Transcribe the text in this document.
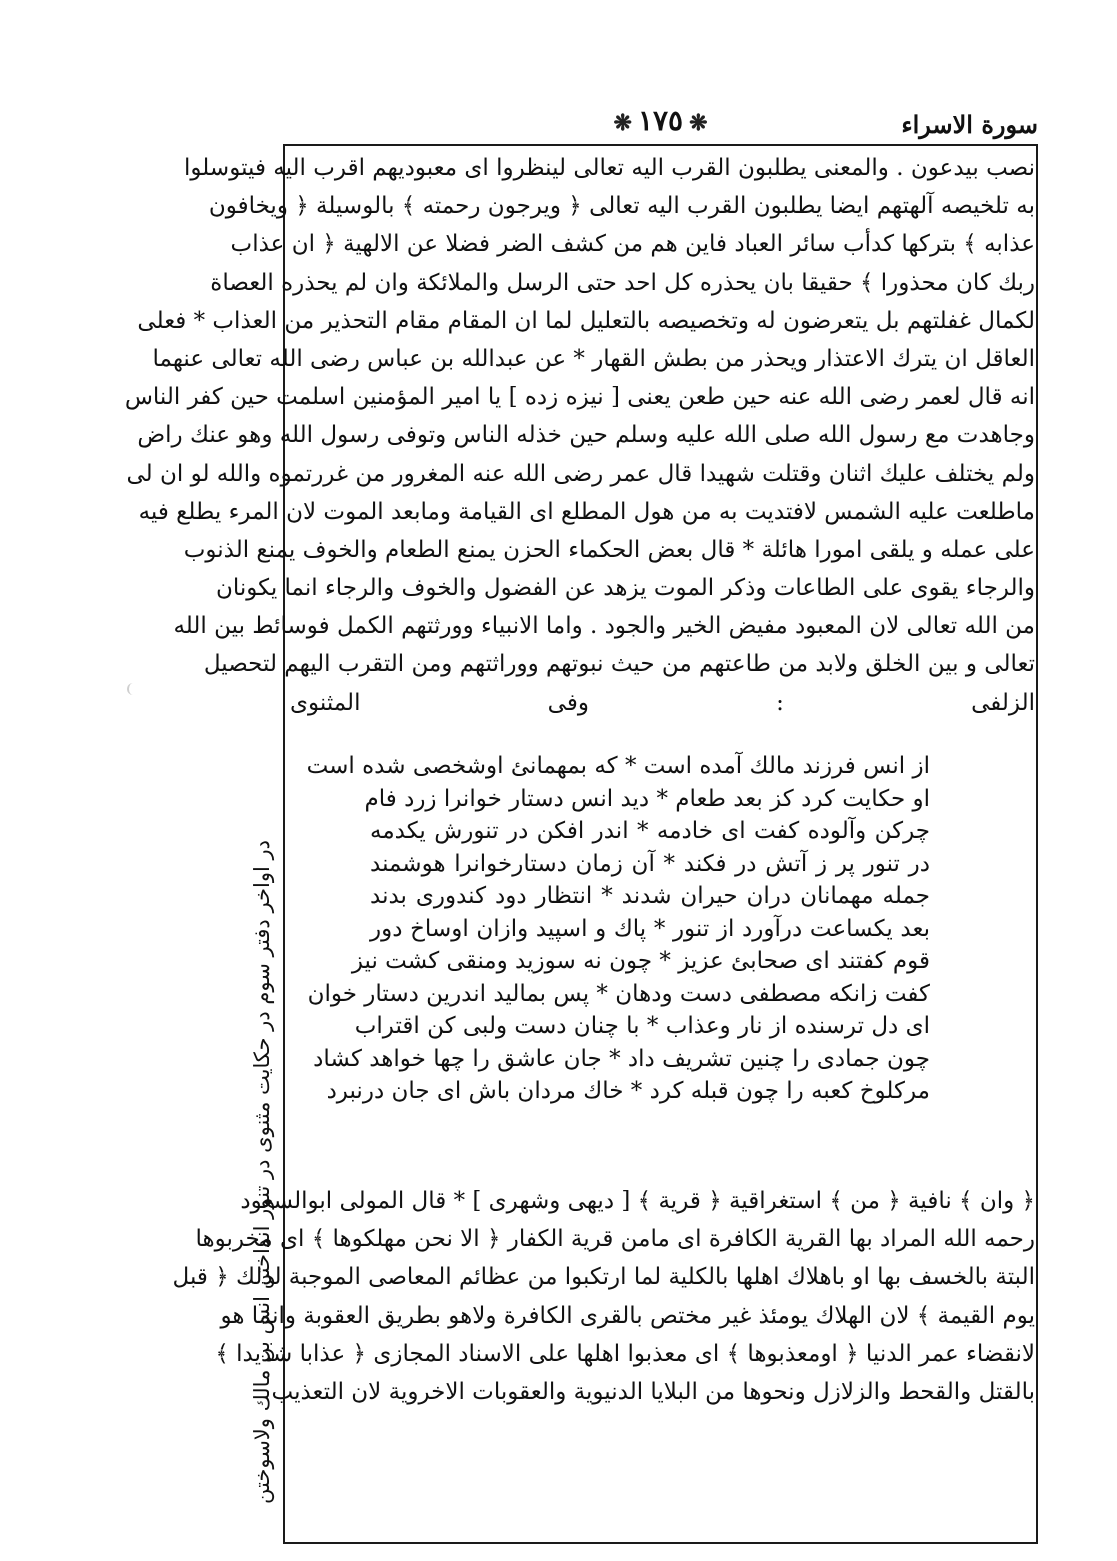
سورة الاسراء
❋١٧٥❋
نصب بيدعون . والمعنى يطلبون القرب اليه تعالى لينظروا اى معبوديهم اقرب اليه فيتوسلوا
به تلخيصه آلهتهم ايضا يطلبون القرب اليه تعالى ﴿ ويرجون رحمته ﴾ بالوسيلة ﴿ ويخافون
عذابه ﴾ بتركها كدأب سائر العباد فاين هم من كشف الضر فضلا عن الالهية ﴿ ان عذاب
ربك كان محذورا ﴾ حقيقا بان يحذره كل احد حتى الرسل والملائكة وان لم يحذره العصاة
لكمال غفلتهم بل يتعرضون له وتخصيصه بالتعليل لما ان المقام مقام التحذير من العذاب * فعلى
العاقل ان يترك الاعتذار ويحذر من بطش القهار * عن عبدالله بن عباس رضى الله تعالى عنهما
انه قال لعمر رضى الله عنه حين طعن يعنى [ نيزه زده ] يا امير المؤمنين اسلمت حين كفر الناس
وجاهدت مع رسول الله صلى الله عليه وسلم حين خذله الناس وتوفى رسول الله وهو عنك راض
ولم يختلف عليك اثنان وقتلت شهيدا قال عمر رضى الله عنه المغرور من غررتموه والله لو ان لى
ماطلعت عليه الشمس لافتديت به من هول المطلع اى القيامة ومابعد الموت لان المرء يطلع فيه
على عمله و يلقى امورا هائلة * قال بعض الحكماء الحزن يمنع الطعام والخوف يمنع الذنوب
والرجاء يقوى على الطاعات وذكر الموت يزهد عن الفضول والخوف والرجاء انما يكونان
من الله تعالى لان المعبود مفيض الخير والجود . واما الانبياء وورثتهم الكمل فوسائط بين الله
تعالى و بين الخلق ولابد من طاعتهم من حيث نبوتهم ووراثتهم ومن التقرب اليهم لتحصيل
الزلفى : وفى المثنوى
از انس فرزند مالك آمده است * كه بمهمانئ اوشخصى شده است
او حكايت كرد كز بعد طعام * ديد انس دستار خوانرا زرد فام
چركن وآلوده كفت اى خادمه * اندر افكن در تنورش يكدمه
در تنور پر ز آتش در فكند * آن زمان دستارخوانرا هوشمند
جمله مهمانان دران حيران شدند * انتظار دود كندورى بدند
بعد يكساعت درآورد از تنور * پاك و اسپيد وازان اوساخ دور
قوم كفتند اى صحابئ عزيز * چون نه سوزيد ومنقى كشت نيز
كفت زانكه مصطفى دست ودهان * پس بماليد اندرين دستار خوان
اى دل ترسنده از نار وعذاب * با چنان دست ولبى كن اقتراب
چون جمادى را چنين تشريف داد * جان عاشق را چها خواهد كشاد
مركلوخ كعبه را چون قبله كرد * خاك مردان باش اى جان درنبرد
﴿ وان ﴾ نافية ﴿ من ﴾ استغراقية ﴿ قرية ﴾ [ ديهى وشهرى ] * قال المولى ابوالسعود
رحمه الله المراد بها القرية الكافرة اى مامن قرية الكفار ﴿ الا نحن مهلكوها ﴾ اى مخربوها
البتة بالخسف بها او باهلاك اهلها بالكلية لما ارتكبوا من عظائم المعاصى الموجبة لذلك ﴿ قبل
يوم القيمة ﴾ لان الهلاك يومئذ غير مختص بالقرى الكافرة ولاهو بطريق العقوبة وانما هو
لانقضاء عمر الدنيا ﴿ اومعذبوها ﴾ اى معذبوا اهلها على الاسناد المجازى ﴿ عذابا شديدا ﴾
بالقتل والقحط والزلازل ونحوها من البلايا الدنيوية والعقوبات الاخروية لان التعذيب
در اواخر دفتر سوم در حكايت مثنوى در تنور انداختن انس بن مالك ولاسوختن
